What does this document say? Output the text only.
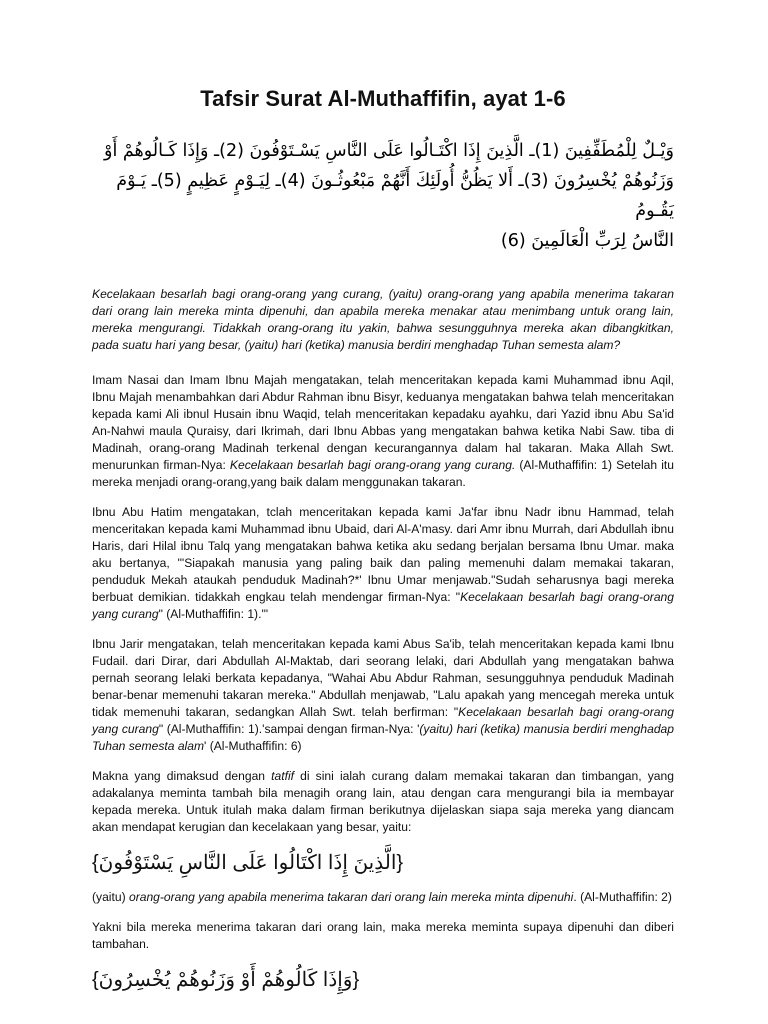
Tafsir Surat Al-Muthaffifin, ayat 1-6
وَيْـلٌ لِلْمُطَفِّفِينَ (1)ـ الَّذِينَ إِذَا اكْتَـالُوا عَلَى النَّاسِ يَسْـتَوْفُونَ (2)ـ وَإِذَا كَـالُوهُمْ أَوْ
وَزَنُوهُمْ يُخْسِرُونَ (3)ـ أَلا يَظُنُّ أُولَئِكَ أَنَّهُمْ مَبْعُوثُـونَ (4)ـ لِيَـوْمٍ عَظِيمٍ (5)ـ يَـوْمَ يَقُـومُ
النَّاسُ لِرَبِّ الْعَالَمِينَ (6)

Kecelakaan besarlah bagi orang-orang yang curang, (yaitu) orang-orang yang apabila menerima takaran dari orang lain mereka minta dipenuhi, dan apabila mereka menakar atau menimbang untuk orang lain, mereka mengurangi. Tidakkah orang-orang itu yakin, bahwa sesungguhnya mereka akan dibangkitkan, pada suatu hari yang besar, (yaitu) hari (ketika) manusia berdiri menghadap Tuhan semesta alam?

Imam Nasai dan Imam Ibnu Majah mengatakan, telah menceritakan kepada kami Muhammad ibnu Aqil, Ibnu Majah menambahkan dari Abdur Rahman ibnu Bisyr, keduanya mengatakan bahwa telah menceritakan kepada kami Ali ibnul Husain ibnu Waqid, telah menceritakan kepadaku ayahku, dari Yazid ibnu Abu Sa'id An-Nahwi maula Quraisy, dari Ikrimah, dari Ibnu Abbas yang mengatakan bahwa ketika Nabi Saw. tiba di Madinah, orang-orang Madinah terkenal dengan kecurangannya dalam hal takaran. Maka Allah Swt. menurunkan firman-Nya: Kecelakaan besarlah bagi orang-orang yang curang. (Al-Muthaffifin: 1) Setelah itu mereka menjadi orang-orang,yang baik dalam menggunakan takaran.

Ibnu Abu Hatim mengatakan, tclah menceritakan kepada kami Ja'far ibnu Nadr ibnu Hammad, telah menceritakan kepada kami Muhammad ibnu Ubaid, dari Al-A'masy. dari Amr ibnu Murrah, dari Abdullah ibnu Haris, dari Hilal ibnu Talq yang mengatakan bahwa ketika aku sedang berjalan bersama Ibnu Umar. maka aku bertanya, "'Siapakah manusia yang paling baik dan paling memenuhi dalam memakai takaran, penduduk Mekah ataukah penduduk Madinah?*' Ibnu Umar menjawab."Sudah seharusnya bagi mereka berbuat demikian. tidakkah engkau telah mendengar firman-Nya: "Kecelakaan besarlah bagi orang-orang yang curang" (Al-Muthaffifin: 1).'"

Ibnu Jarir mengatakan, telah menceritakan kepada kami Abus Sa'ib, telah menceritakan kepada kami Ibnu Fudail. dari Dirar, dari Abdullah Al-Maktab, dari seorang lelaki, dari Abdullah yang mengatakan bahwa pernah seorang lelaki berkata kepadanya, "Wahai Abu Abdur Rahman, sesungguhnya penduduk Madinah benar-benar memenuhi takaran mereka." Abdullah menjawab, "Lalu apakah yang mencegah mereka untuk tidak memenuhi takaran, sedangkan Allah Swt. telah berfirman: "Kecelakaan besarlah bagi orang-orang yang curang" (Al-Muthaffifin: 1).'sampai dengan firman-Nya: '(yaitu) hari (ketika) manusia berdiri menghadap Tuhan semesta alam' (Al-Muthaffifin: 6)

Makna yang dimaksud dengan tatfif di sini ialah curang dalam memakai takaran dan timbangan, yang adakalanya meminta tambah bila menagih orang lain, atau dengan cara mengurangi bila ia membayar kepada mereka. Untuk itulah maka dalam firman berikutnya dijelaskan siapa saja mereka yang diancam akan mendapat kerugian dan kecelakaan yang besar, yaitu:

{الَّذِينَ إِذَا اكْتَالُوا عَلَى النَّاسِ يَسْتَوْفُونَ}

(yaitu) orang-orang yang apabila menerima takaran dari orang lain mereka minta dipenuhi. (Al-Muthaffifin: 2)

Yakni bila mereka menerima takaran dari orang lain, maka mereka meminta supaya dipenuhi dan diberi tambahan.

{وَإِذَا كَالُوهُمْ أَوْ وَزَنُوهُمْ يُخْسِرُونَ}
